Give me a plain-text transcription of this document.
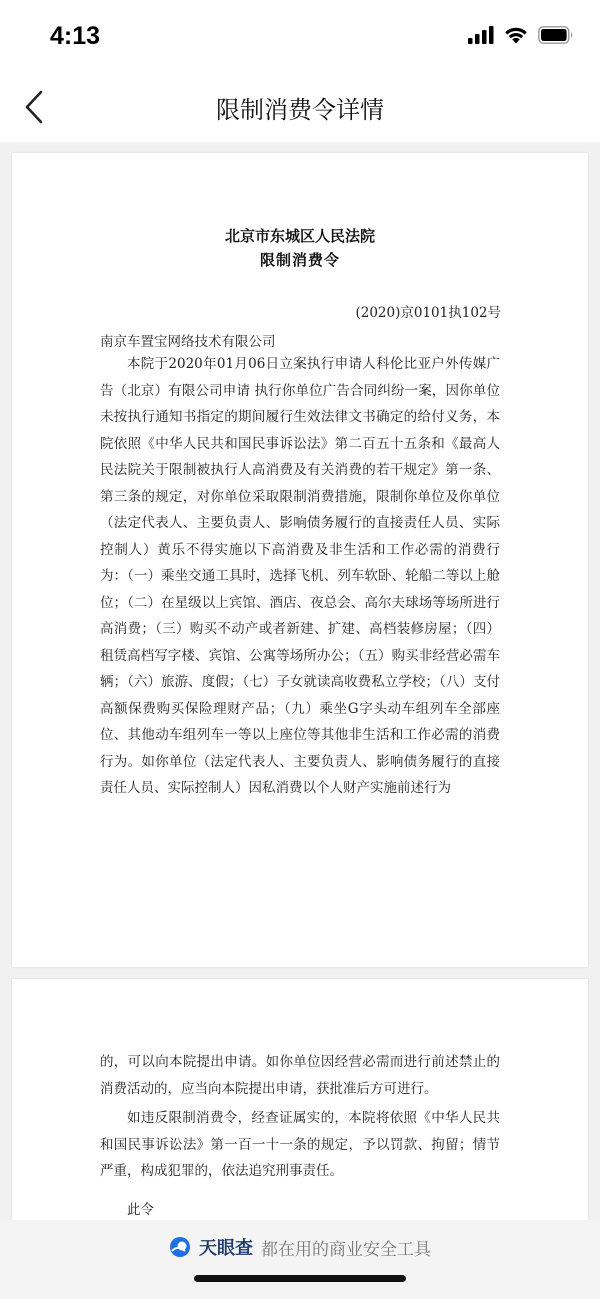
4:13
限制消费令详情
北京市东城区人民法院
限制消费令
(2020)京0101执102号
南京车置宝网络技术有限公司

本院于2020年01月06日立案执行申请人科伦比亚户外传媒广告（北京）有限公司申请 执行你单位广告合同纠纷一案，因你单位未按执行通知书指定的期间履行生效法律文书确定的给付义务，本院依照《中华人民共和国民事诉讼法》第二百五十五条和《最高人民法院关于限制被执行人高消费及有关消费的若干规定》第一条、第三条的规定，对你单位采取限制消费措施，限制你单位及你单位（法定代表人、主要负责人、影响债务履行的直接责任人员、实际控制人）黄乐不得实施以下高消费及非生活和工作必需的消费行为：（一）乘坐交通工具时，选择飞机、列车软卧、轮船二等以上舱位；（二）在星级以上宾馆、酒店、夜总会、高尔夫球场等场所进行高消费；（三）购买不动产或者新建、扩建、高档装修房屋；（四）租赁高档写字楼、宾馆、公寓等场所办公；（五）购买非经营必需车辆；（六）旅游、度假；（七）子女就读高收费私立学校；（八）支付高额保费购买保险理财产品；（九）乘坐G字头动车组列车全部座位、其他动车组列车一等以上座位等其他非生活和工作必需的消费行为。如你单位（法定代表人、主要负责人、影响债务履行的直接责任人员、实际控制人）因私消费以个人财产实施前述行为

的，可以向本院提出申请。如你单位因经营必需而进行前述禁止的消费活动的，应当向本院提出申请，获批准后方可进行。

如违反限制消费令，经查证属实的，本院将依照《中华人民共和国民事诉讼法》第一百一十一条的规定，予以罚款、拘留；情节严重，构成犯罪的，依法追究刑事责任。

此令

天眼查 都在用的商业安全工具
